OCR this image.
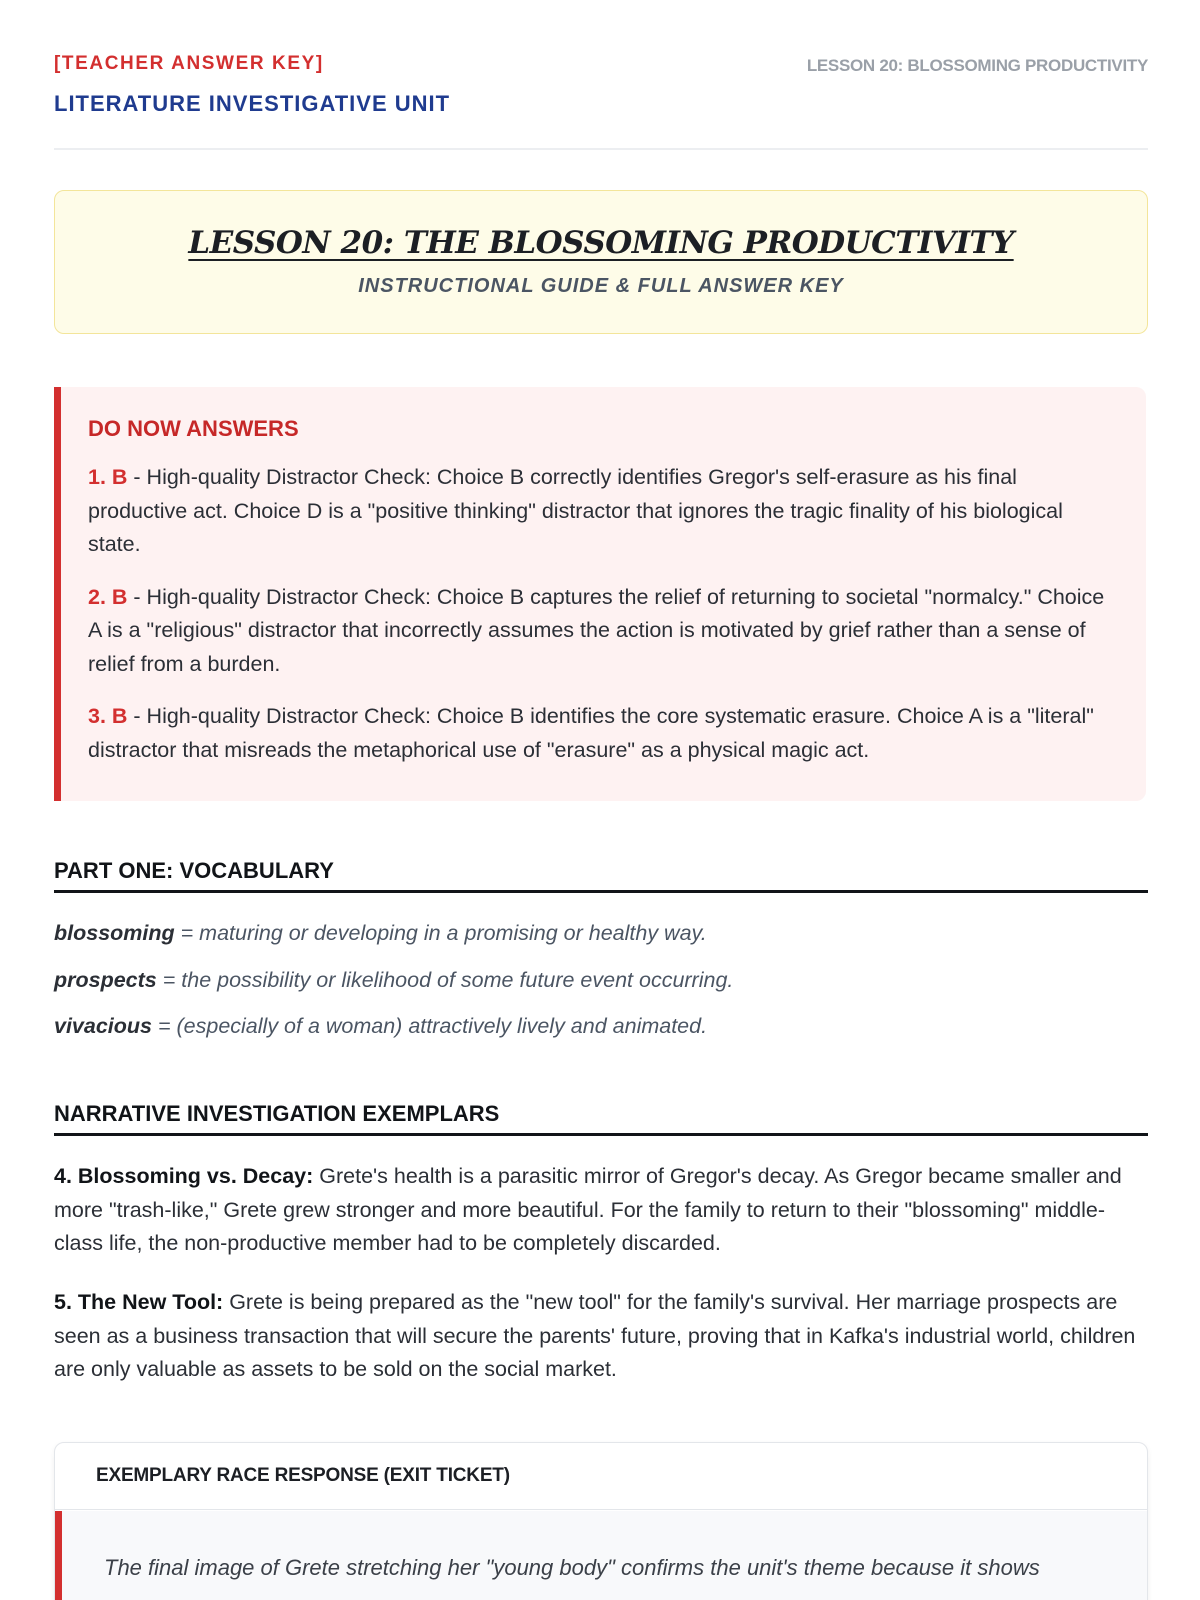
[TEACHER ANSWER KEY]
LITERATURE INVESTIGATIVE UNIT
LESSON 20: BLOSSOMING PRODUCTIVITY
LESSON 20: THE BLOSSOMING PRODUCTIVITY
INSTRUCTIONAL GUIDE & FULL ANSWER KEY
DO NOW ANSWERS
1. B - High-quality Distractor Check: Choice B correctly identifies Gregor's self-erasure as his final productive act. Choice D is a "positive thinking" distractor that ignores the tragic finality of his biological state.
2. B - High-quality Distractor Check: Choice B captures the relief of returning to societal "normalcy." Choice A is a "religious" distractor that incorrectly assumes the action is motivated by grief rather than a sense of relief from a burden.
3. B - High-quality Distractor Check: Choice B identifies the core systematic erasure. Choice A is a "literal" distractor that misreads the metaphorical use of "erasure" as a physical magic act.
PART ONE: VOCABULARY
blossoming = maturing or developing in a promising or healthy way.
prospects = the possibility or likelihood of some future event occurring.
vivacious = (especially of a woman) attractively lively and animated.
NARRATIVE INVESTIGATION EXEMPLARS
4. Blossoming vs. Decay: Grete's health is a parasitic mirror of Gregor's decay. As Gregor became smaller and more "trash-like," Grete grew stronger and more beautiful. For the family to return to their "blossoming" middle-class life, the non-productive member had to be completely discarded.
5. The New Tool: Grete is being prepared as the "new tool" for the family's survival. Her marriage prospects are seen as a business transaction that will secure the parents' future, proving that in Kafka's industrial world, children are only valuable as assets to be sold on the social market.
EXEMPLARY RACE RESPONSE (EXIT TICKET)
The final image of Grete stretching her "young body" confirms the unit's theme because it shows
